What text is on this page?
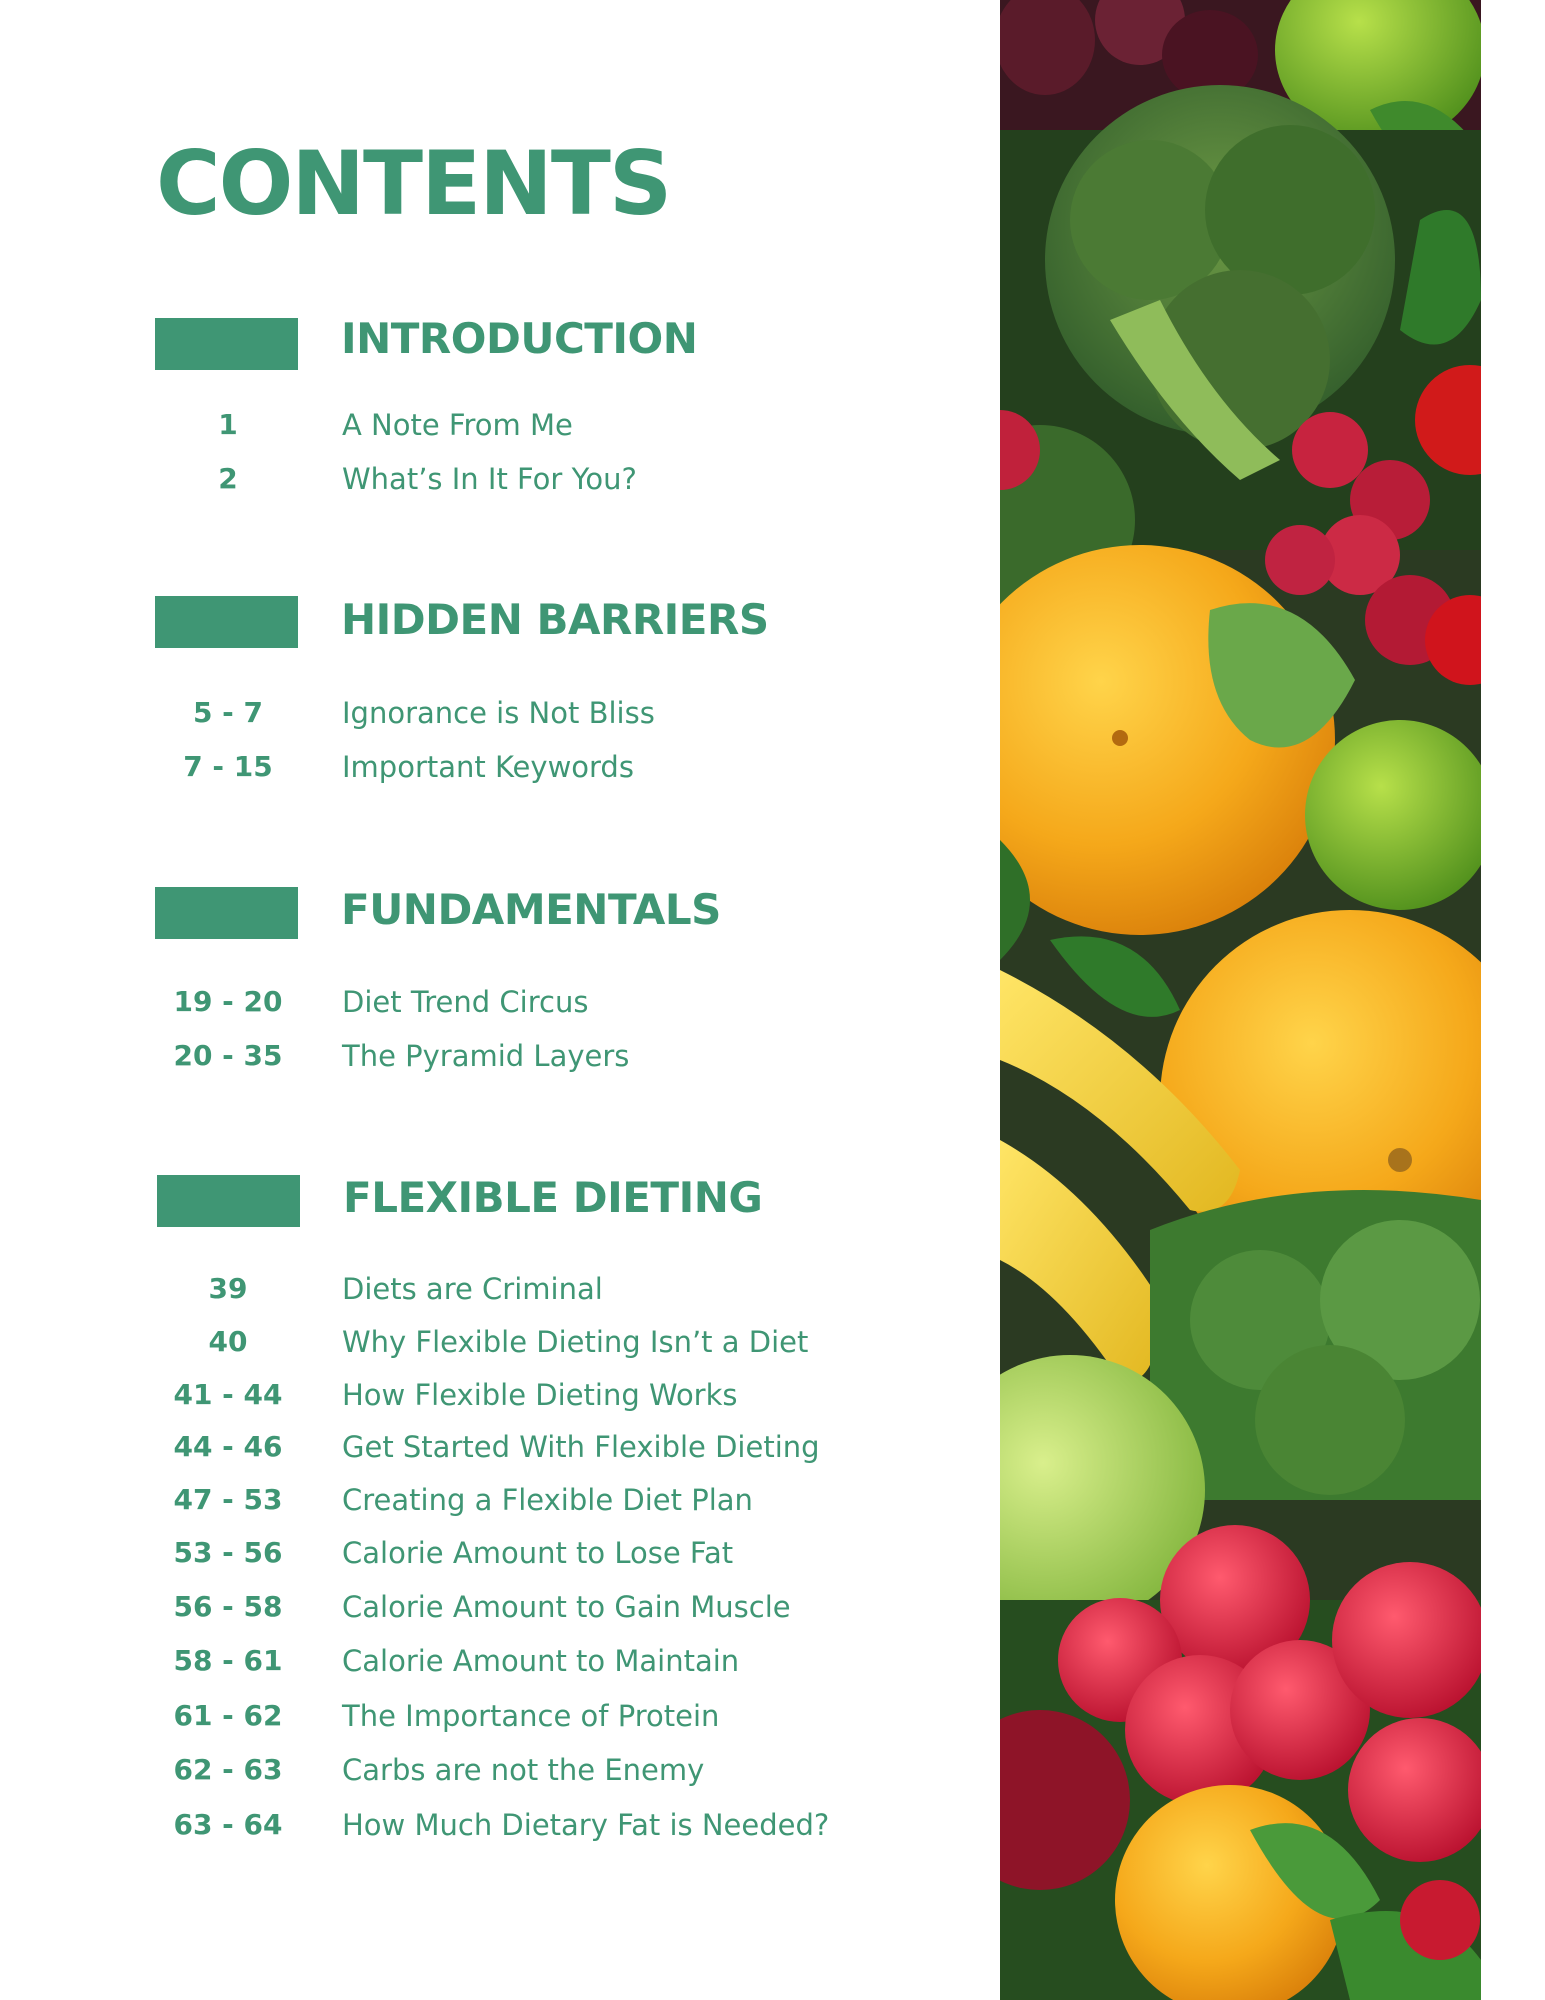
CONTENTS
INTRODUCTION
1	A Note From Me
2	What’s In It For You?
HIDDEN BARRIERS
5 - 7	Ignorance is Not Bliss
7 - 15	Important Keywords
FUNDAMENTALS
19 - 20	Diet Trend Circus
20 - 35	The Pyramid Layers
FLEXIBLE DIETING
39	Diets are Criminal
40	Why Flexible Dieting Isn’t a Diet
41 - 44	How Flexible Dieting Works
44 - 46	Get Started With Flexible Dieting
47 - 53	Creating a Flexible Diet Plan
53 - 56	Calorie Amount to Lose Fat
56 - 58	Calorie Amount to Gain Muscle
58 - 61	Calorie Amount to Maintain
61 - 62	The Importance of Protein
62 - 63	Carbs are not the Enemy
63 - 64	How Much Dietary Fat is Needed?
